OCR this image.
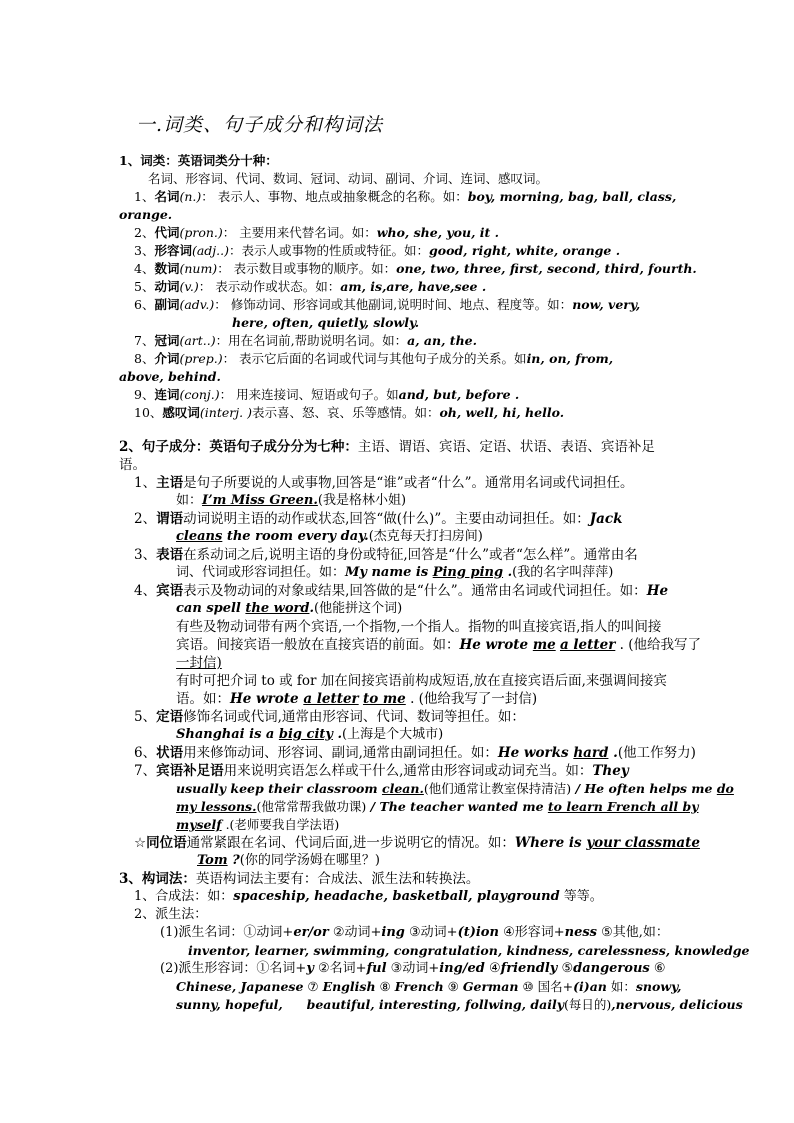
一.词类、句子成分和构词法
1、词类：英语词类分十种：
名词、形容词、代词、数词、冠词、动词、副词、介词、连词、感叹词。
1、名词(n.)： 表示人、事物、地点或抽象概念的名称。如：boy, morning, bag, ball, class,
orange.
2、代词(pron.)： 主要用来代替名词。如：who, she, you, it .
3、形容词(adj..)：表示人或事物的性质或特征。如：good, right, white, orange .
4、数词(num)： 表示数目或事物的顺序。如：one, two, three, first, second, third, fourth.
5、动词(v.)： 表示动作或状态。如：am, is,are, have,see .
6、副词(adv.)： 修饰动词、形容词或其他副词,说明时间、地点、程度等。如：now, very,
here, often, quietly, slowly.
7、冠词(art..)：用在名词前,帮助说明名词。如：a, an, the.
8、介词(prep.)： 表示它后面的名词或代词与其他句子成分的关系。如in, on, from,
above, behind.
9、连词(conj.)： 用来连接词、短语或句子。如and, but, before .
10、感叹词(interj. )表示喜、怒、哀、乐等感情。如：oh, well, hi, hello.
2、句子成分：英语句子成分分为七种：主语、谓语、宾语、定语、状语、表语、宾语补足
语。
1、主语是句子所要说的人或事物,回答是“谁”或者“什么”。通常用名词或代词担任。
如：I’m Miss Green.(我是格林小姐)
2、谓语动词说明主语的动作或状态,回答“做(什么)”。主要由动词担任。如：Jack
cleans the room every day.(杰克每天打扫房间)
3、表语在系动词之后,说明主语的身份或特征,回答是“什么”或者“怎么样”。通常由名
词、代词或形容词担任。如：My name is Ping ping .(我的名字叫萍萍)
4、宾语表示及物动词的对象或结果,回答做的是“什么”。通常由名词或代词担任。如：He
can spell the word.(他能拼这个词)
有些及物动词带有两个宾语,一个指物,一个指人。指物的叫直接宾语,指人的叫间接
宾语。间接宾语一般放在直接宾语的前面。如：He wrote me a letter . (他给我写了
一封信)
有时可把介词 to 或 for 加在间接宾语前构成短语,放在直接宾语后面,来强调间接宾
语。如：He wrote a letter to me . (他给我写了一封信)
5、定语修饰名词或代词,通常由形容词、代词、数词等担任。如：
Shanghai is a big city .(上海是个大城市)
6、状语用来修饰动词、形容词、副词,通常由副词担任。如：He works hard .(他工作努力)
7、宾语补足语用来说明宾语怎么样或干什么,通常由形容词或动词充当。如：They
usually keep their classroom clean.(他们通常让教室保持清洁) / He often helps me do
my lessons.(他常常帮我做功课) / The teacher wanted me to learn French all by
myself .(老师要我自学法语)
☆同位语通常紧跟在名词、代词后面,进一步说明它的情况。如：Where is your classmate
Tom ?(你的同学汤姆在哪里？)
3、构词法：英语构词法主要有：合成法、派生法和转换法。
1、合成法：如：spaceship, headache, basketball, playground 等等。
2、派生法：
(1)派生名词：①动词+er/or ②动词+ing ③动词+(t)ion ④形容词+ness ⑤其他,如：
inventor, learner, swimming, congratulation, kindness, carelessness, knowledge
(2)派生形容词：①名词+y ②名词+ful ③动词+ing/ed ④friendly ⑤dangerous ⑥
Chinese, Japanese ⑦ English ⑧ French ⑨ German ⑩ 国名+(i)an 如：snowy,
sunny, hopeful, beautiful, interesting, follwing, daily(每日的),nervous, delicious
